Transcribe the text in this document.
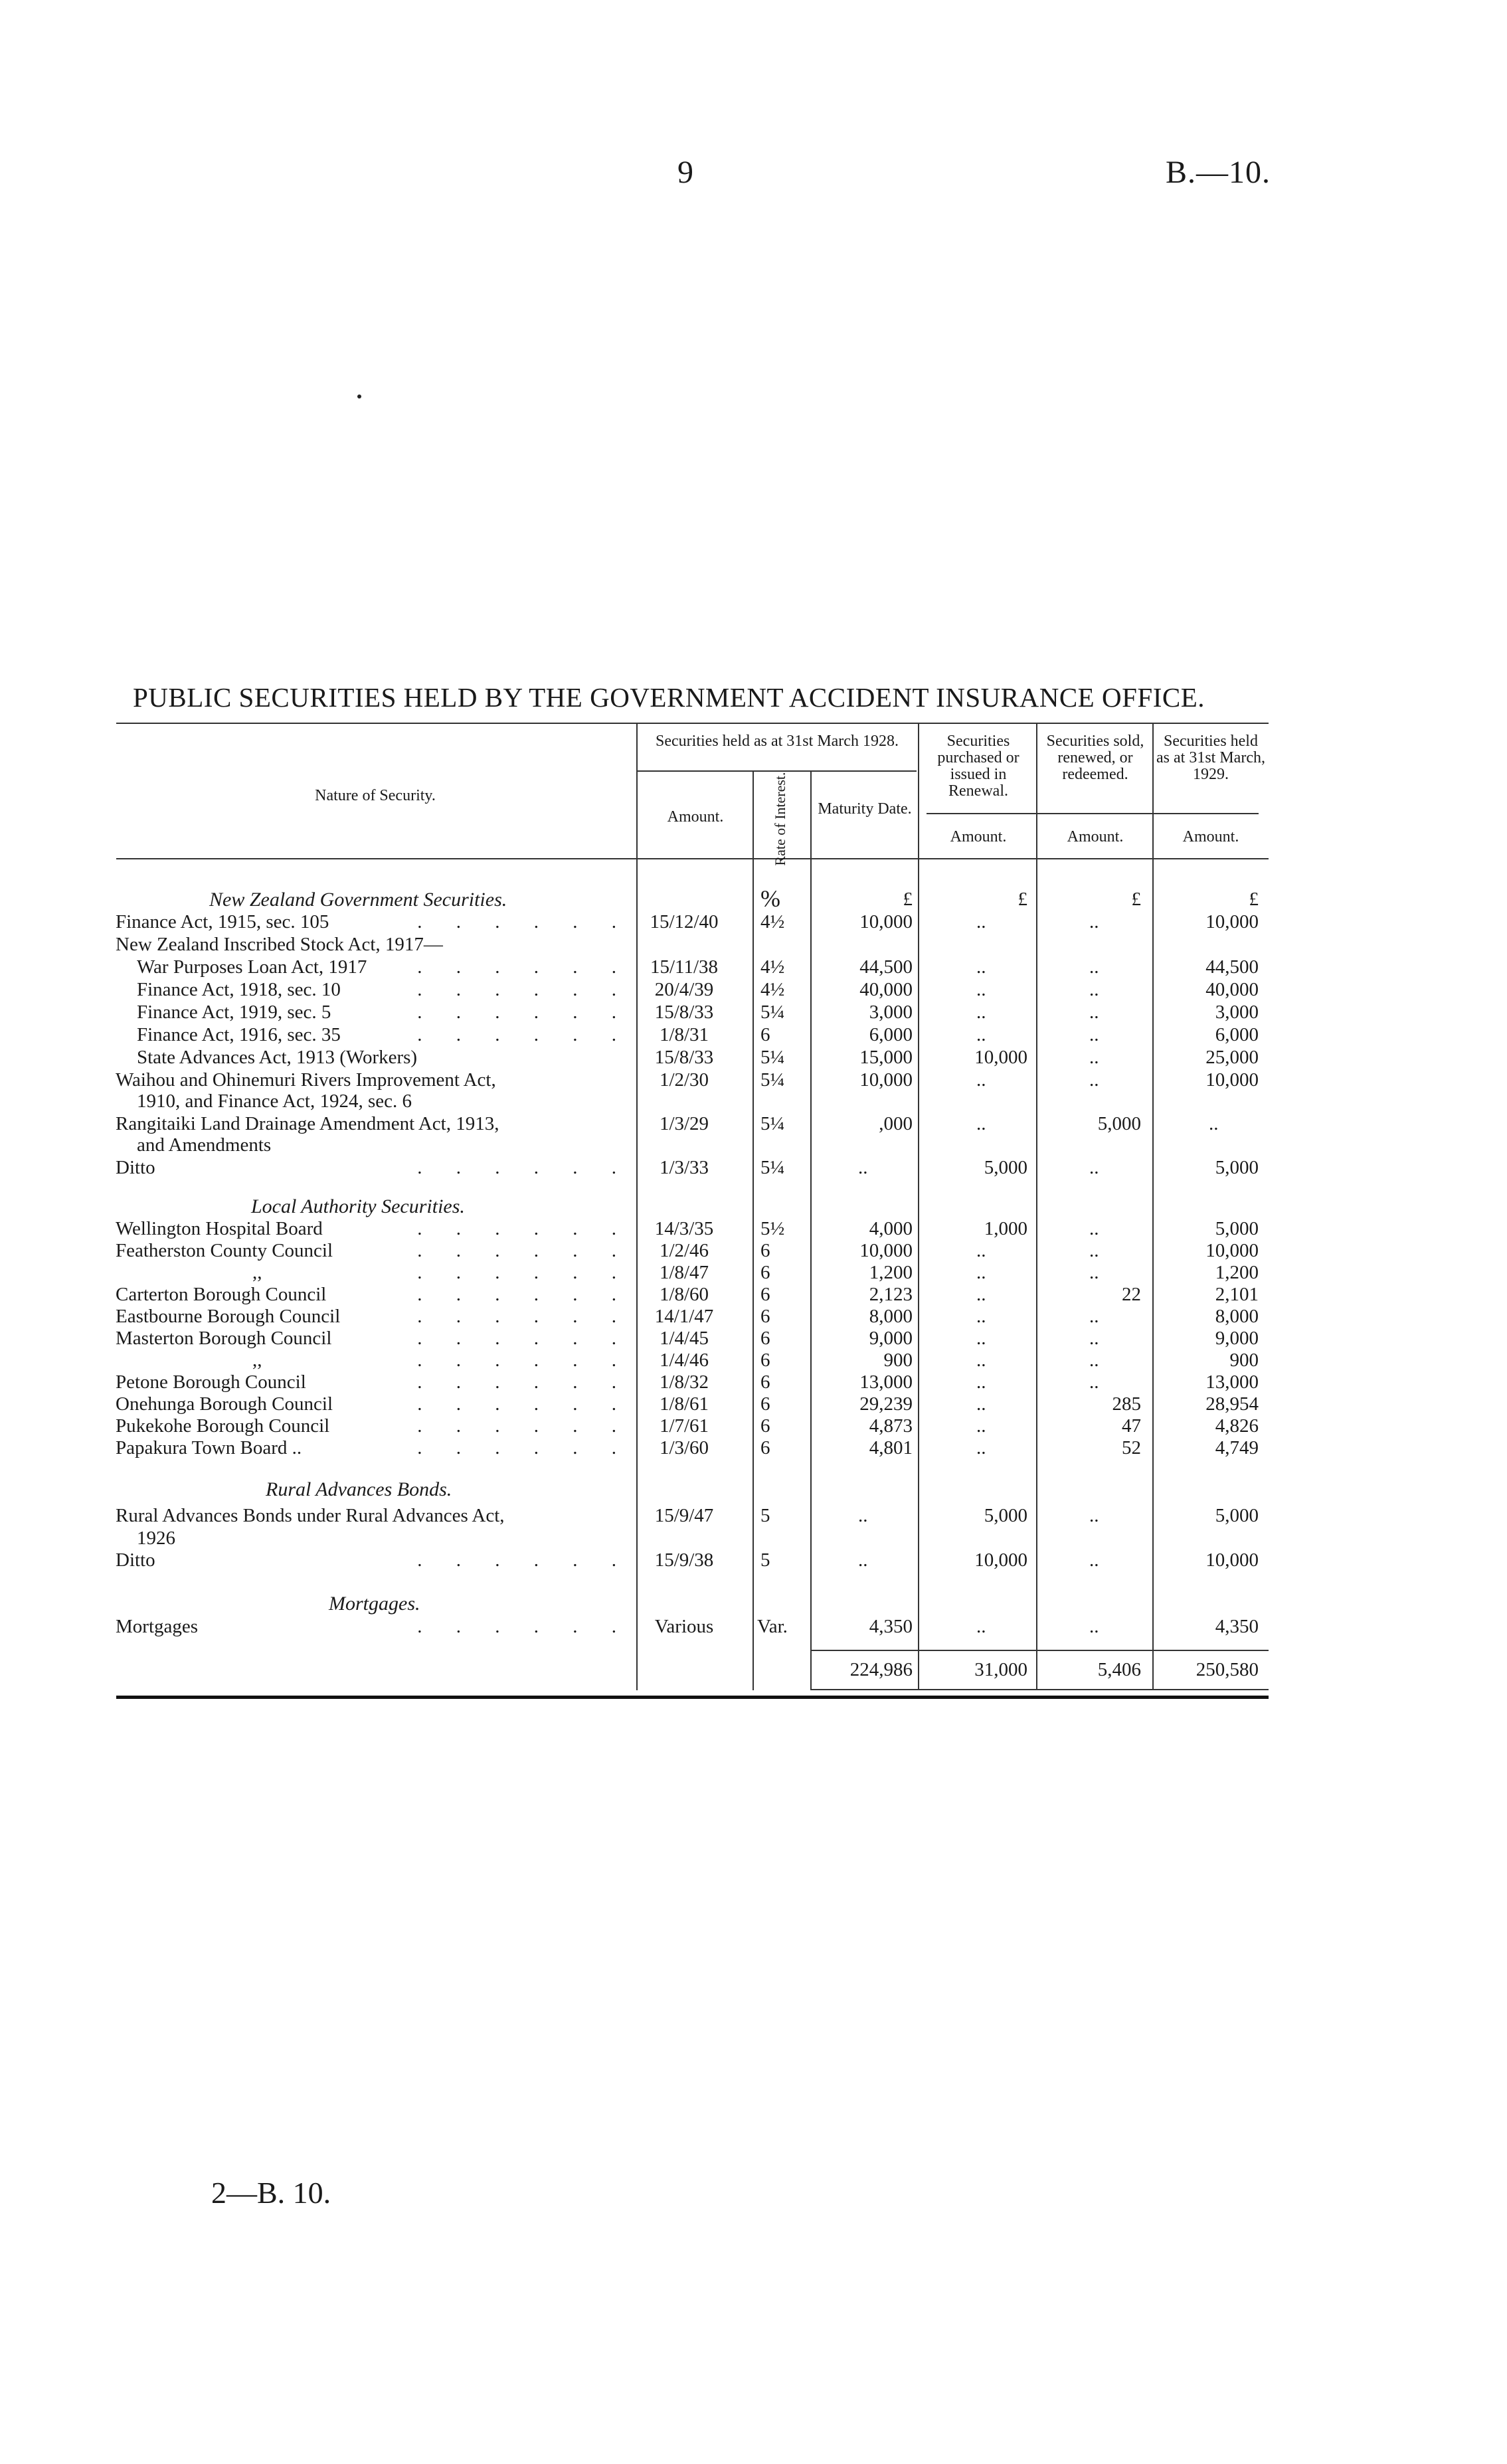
9	B.—10.
PUBLIC SECURITIES HELD BY THE GOVERNMENT ACCIDENT INSURANCE OFFICE.
Nature of Security.
Securities held as at 31st March 1928.
Amount.	Rate of Interest.	Maturity Date.
Securities purchased or issued in Renewal.
Securities sold, renewed, or redeemed.
Securities held as at 31st March, 1929.
Amount.	Amount.	Amount.
%	£	£	£	£
New Zealand Government Securities.
Finance Act, 1915, sec. 105	. . . . . . 15/12/40	4½	10,000	..	..	10,000
New Zealand Inscribed Stock Act, 1917—
War Purposes Loan Act, 1917	. . . . . . 15/11/38	4½	44,500	..	..	44,500
Finance Act, 1918, sec. 10	. . . . . .	20/4/39	4½	40,000	..	..	40,000
Finance Act, 1919, sec. 5	. . . . . .	15/8/33	5¼	3,000	..	..	3,000
Finance Act, 1916, sec. 35	. . . . . .	1/8/31	6	6,000	..	..	6,000
State Advances Act, 1913 (Workers)	15/8/33	5¼	15,000	10,000	..	25,000
Waihou and Ohinemuri Rivers Improvement Act,	1/2/30	5¼	10,000	..	..	10,000
1910, and Finance Act, 1924, sec. 6
Rangitaiki Land Drainage Amendment Act, 1913,	1/3/29	5¼	,000	..	5,000	..
and Amendments
Ditto	. . . . . .	1/3/33	5¼	..	5,000	..	5,000
Local Authority Securities.
Wellington Hospital Board	. . . . . .	14/3/35	5½	4,000	1,000	..	5,000
Featherston County Council	. . . . . .	1/2/46	6	10,000	..	..	10,000
,,	. . . . . .	1/8/47	6	1,200	..	..	1,200
Carterton Borough Council	. . . . . .	1/8/60	6	2,123	..	22	2,101
Eastbourne Borough Council	. . . . . .	14/1/47	6	8,000	..	..	8,000
Masterton Borough Council	. . . . . .	1/4/45	6	9,000	..	..	9,000
,,	. . . . . .	1/4/46	6	900	..	..	900
Petone Borough Council	. . . . . .	1/8/32	6	13,000	..	..	13,000
Onehunga Borough Council	. . . . . .	1/8/61	6	29,239	..	285	28,954
Pukekohe Borough Council	. . . . . .	1/7/61	6	4,873	..	47	4,826
Papakura Town Board ..	. . . . . .	1/3/60	6	4,801	..	52	4,749
Rural Advances Bonds.
Rural Advances Bonds under Rural Advances Act,	15/9/47	5	..	5,000	..	5,000
1926
Ditto	. . . . . .	15/9/38	5	..	10,000	..	10,000
Mortgages.
Mortgages	. . . . . .	Various	Var.	4,350	..	..	4,350
224,986	31,000	5,406	250,580
2—B. 10.
